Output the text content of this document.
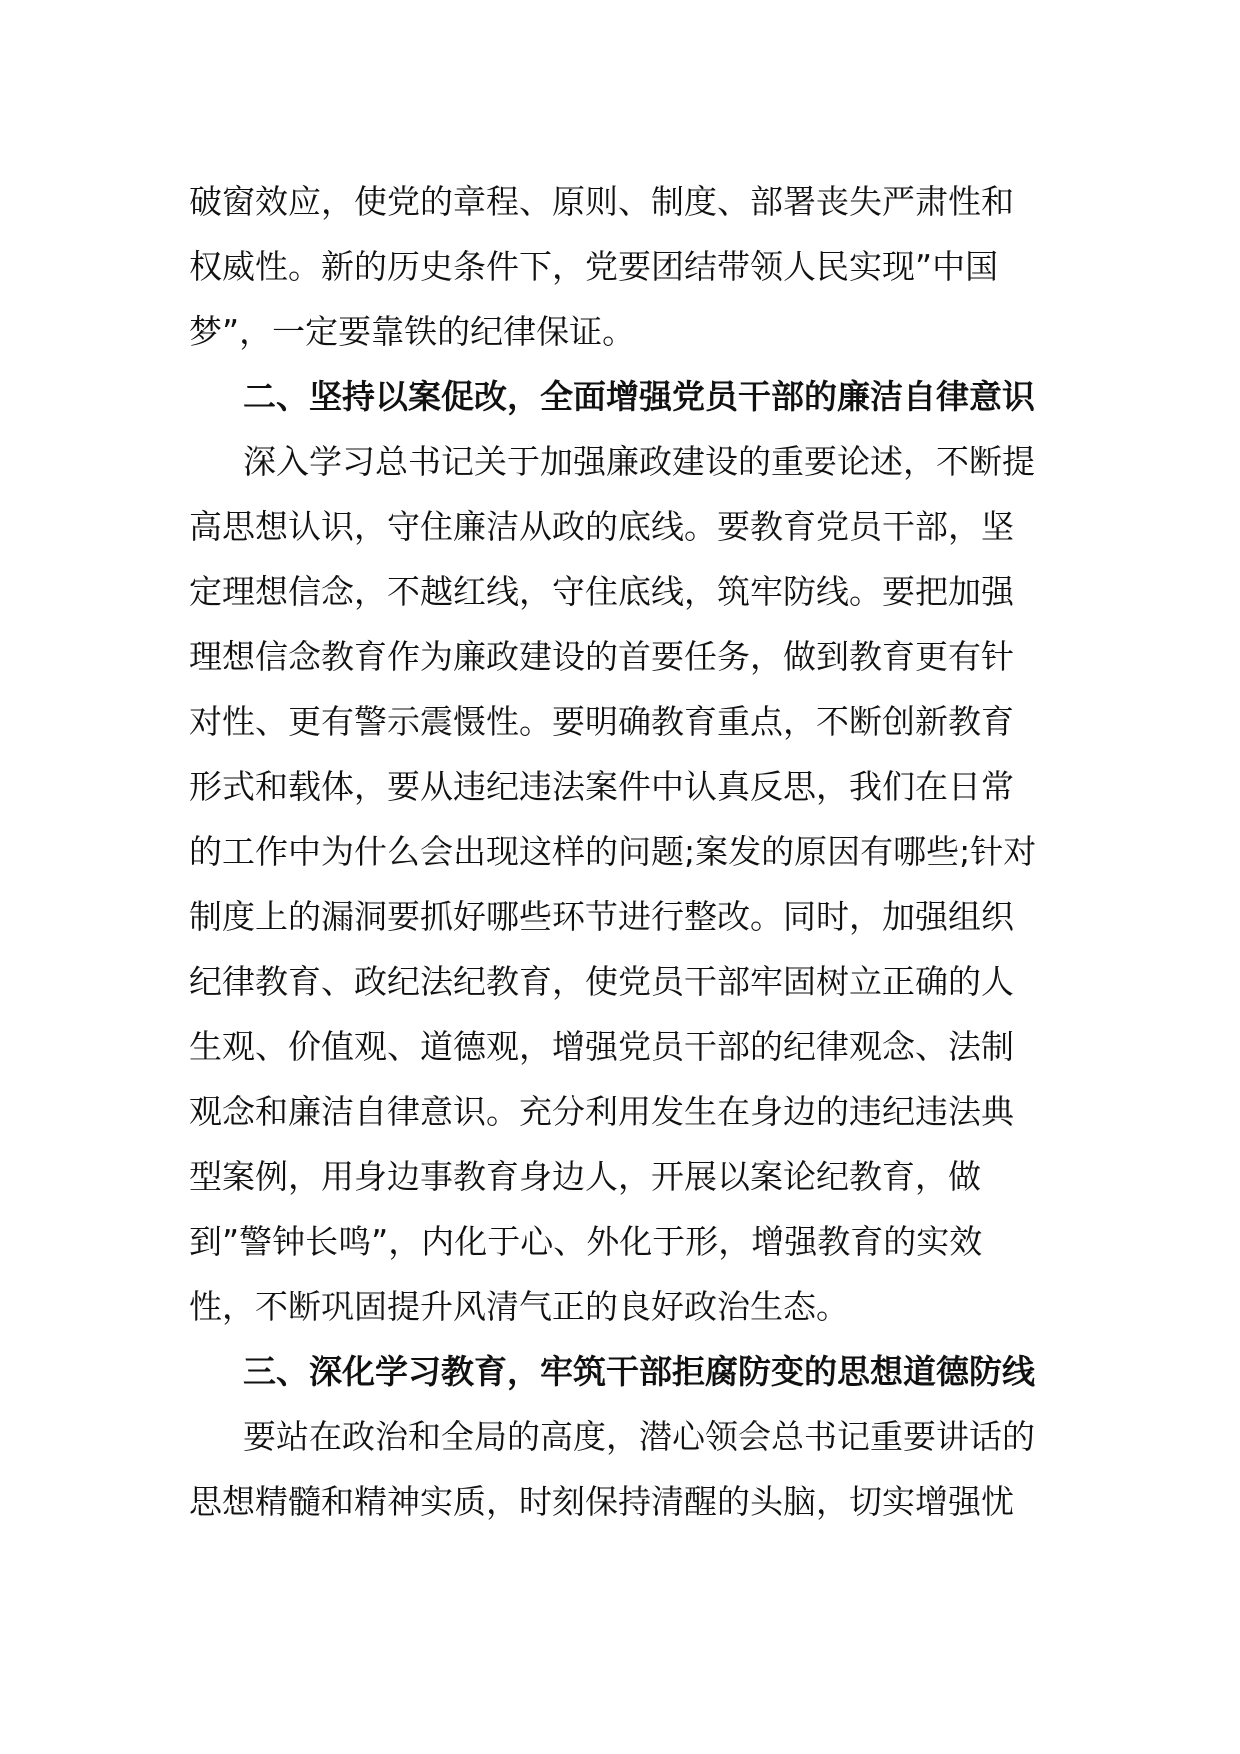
破窗效应，使党的章程、原则、制度、部署丧失严肃性和
权威性。新的历史条件下，党要团结带领人民实现”中国
梦”，一定要靠铁的纪律保证。
二、坚持以案促改，全面增强党员干部的廉洁自律意识
深入学习总书记关于加强廉政建设的重要论述，不断提
高思想认识，守住廉洁从政的底线。要教育党员干部，坚
定理想信念，不越红线，守住底线，筑牢防线。要把加强
理想信念教育作为廉政建设的首要任务，做到教育更有针
对性、更有警示震慑性。要明确教育重点，不断创新教育
形式和载体，要从违纪违法案件中认真反思，我们在日常
的工作中为什么会出现这样的问题;案发的原因有哪些;针对
制度上的漏洞要抓好哪些环节进行整改。同时，加强组织
纪律教育、政纪法纪教育，使党员干部牢固树立正确的人
生观、价值观、道德观，增强党员干部的纪律观念、法制
观念和廉洁自律意识。充分利用发生在身边的违纪违法典
型案例，用身边事教育身边人，开展以案论纪教育，做
到”警钟长鸣”，内化于心、外化于形，增强教育的实效
性，不断巩固提升风清气正的良好政治生态。
三、深化学习教育，牢筑干部拒腐防变的思想道德防线
要站在政治和全局的高度，潜心领会总书记重要讲话的
思想精髓和精神实质，时刻保持清醒的头脑，切实增强忧
